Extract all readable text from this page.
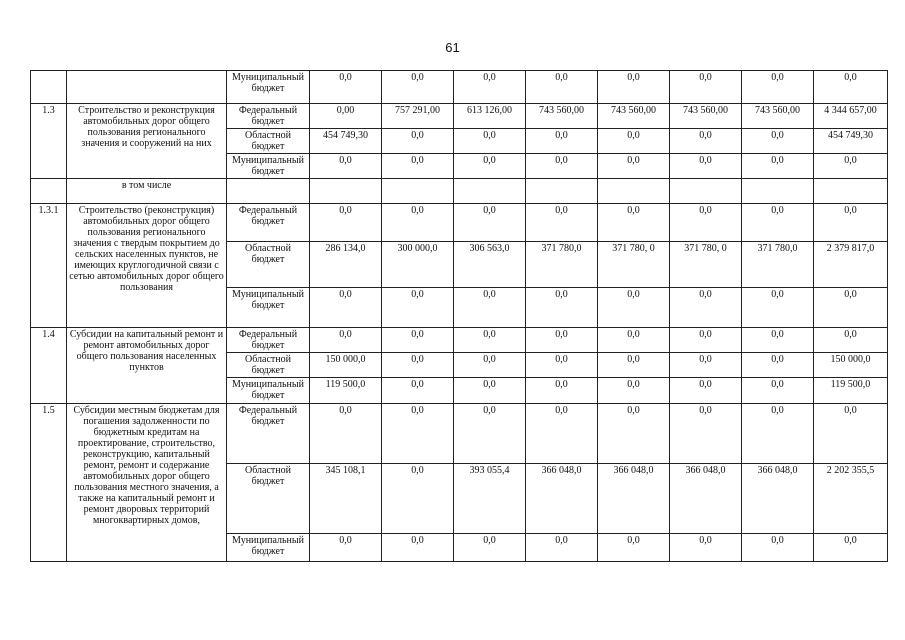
61
		Муниципальный бюджет	0,0	0,0	0,0	0,0	0,0	0,0	0,0	0,0
1.3	Строительство и реконструкция автомобильных дорог общего пользования регионального значения и сооружений на них	Федеральный бюджет	0,00	757 291,00	613 126,00	743 560,00	743 560,00	743 560,00	743 560,00	4 344 657,00
		Областной бюджет	454 749,30	0,0	0,0	0,0	0,0	0,0	0,0	454 749,30
		Муниципальный бюджет	0,0	0,0	0,0	0,0	0,0	0,0	0,0	0,0
	в том числе									
1.3.1	Строительство (реконструкция) автомобильных дорог общего пользования регионального значения с твердым покрытием до сельских населенных пунктов, не имеющих круглогодичной связи с сетью автомобильных дорог общего пользования	Федеральный бюджет	0,0	0,0	0,0	0,0	0,0	0,0	0,0	0,0
		Областной бюджет	286 134,0	300 000,0	306 563,0	371 780,0	371 780, 0	371 780, 0	371 780,0	2 379 817,0
		Муниципальный бюджет	0,0	0,0	0,0	0,0	0,0	0,0	0,0	0,0
1.4	Субсидии на капитальный ремонт и ремонт автомобильных дорог общего пользования населенных пунктов	Федеральный бюджет	0,0	0,0	0,0	0,0	0,0	0,0	0,0	0,0
		Областной бюджет	150 000,0	0,0	0,0	0,0	0,0	0,0	0,0	150 000,0
		Муниципальный бюджет	119 500,0	0,0	0,0	0,0	0,0	0,0	0,0	119 500,0
1.5	Субсидии местным бюджетам для погашения задолженности по бюджетным кредитам на проектирование, строительство, реконструкцию, капитальный ремонт, ремонт и содержание автомобильных дорог общего пользования местного значения, а также на капитальный ремонт и ремонт дворовых территорий многоквартирных домов,	Федеральный бюджет	0,0	0,0	0,0	0,0	0,0	0,0	0,0	0,0
		Областной бюджет	345 108,1	0,0	393 055,4	366 048,0	366 048,0	366 048,0	366 048,0	2 202 355,5
		Муниципальный бюджет	0,0	0,0	0,0	0,0	0,0	0,0	0,0	0,0
